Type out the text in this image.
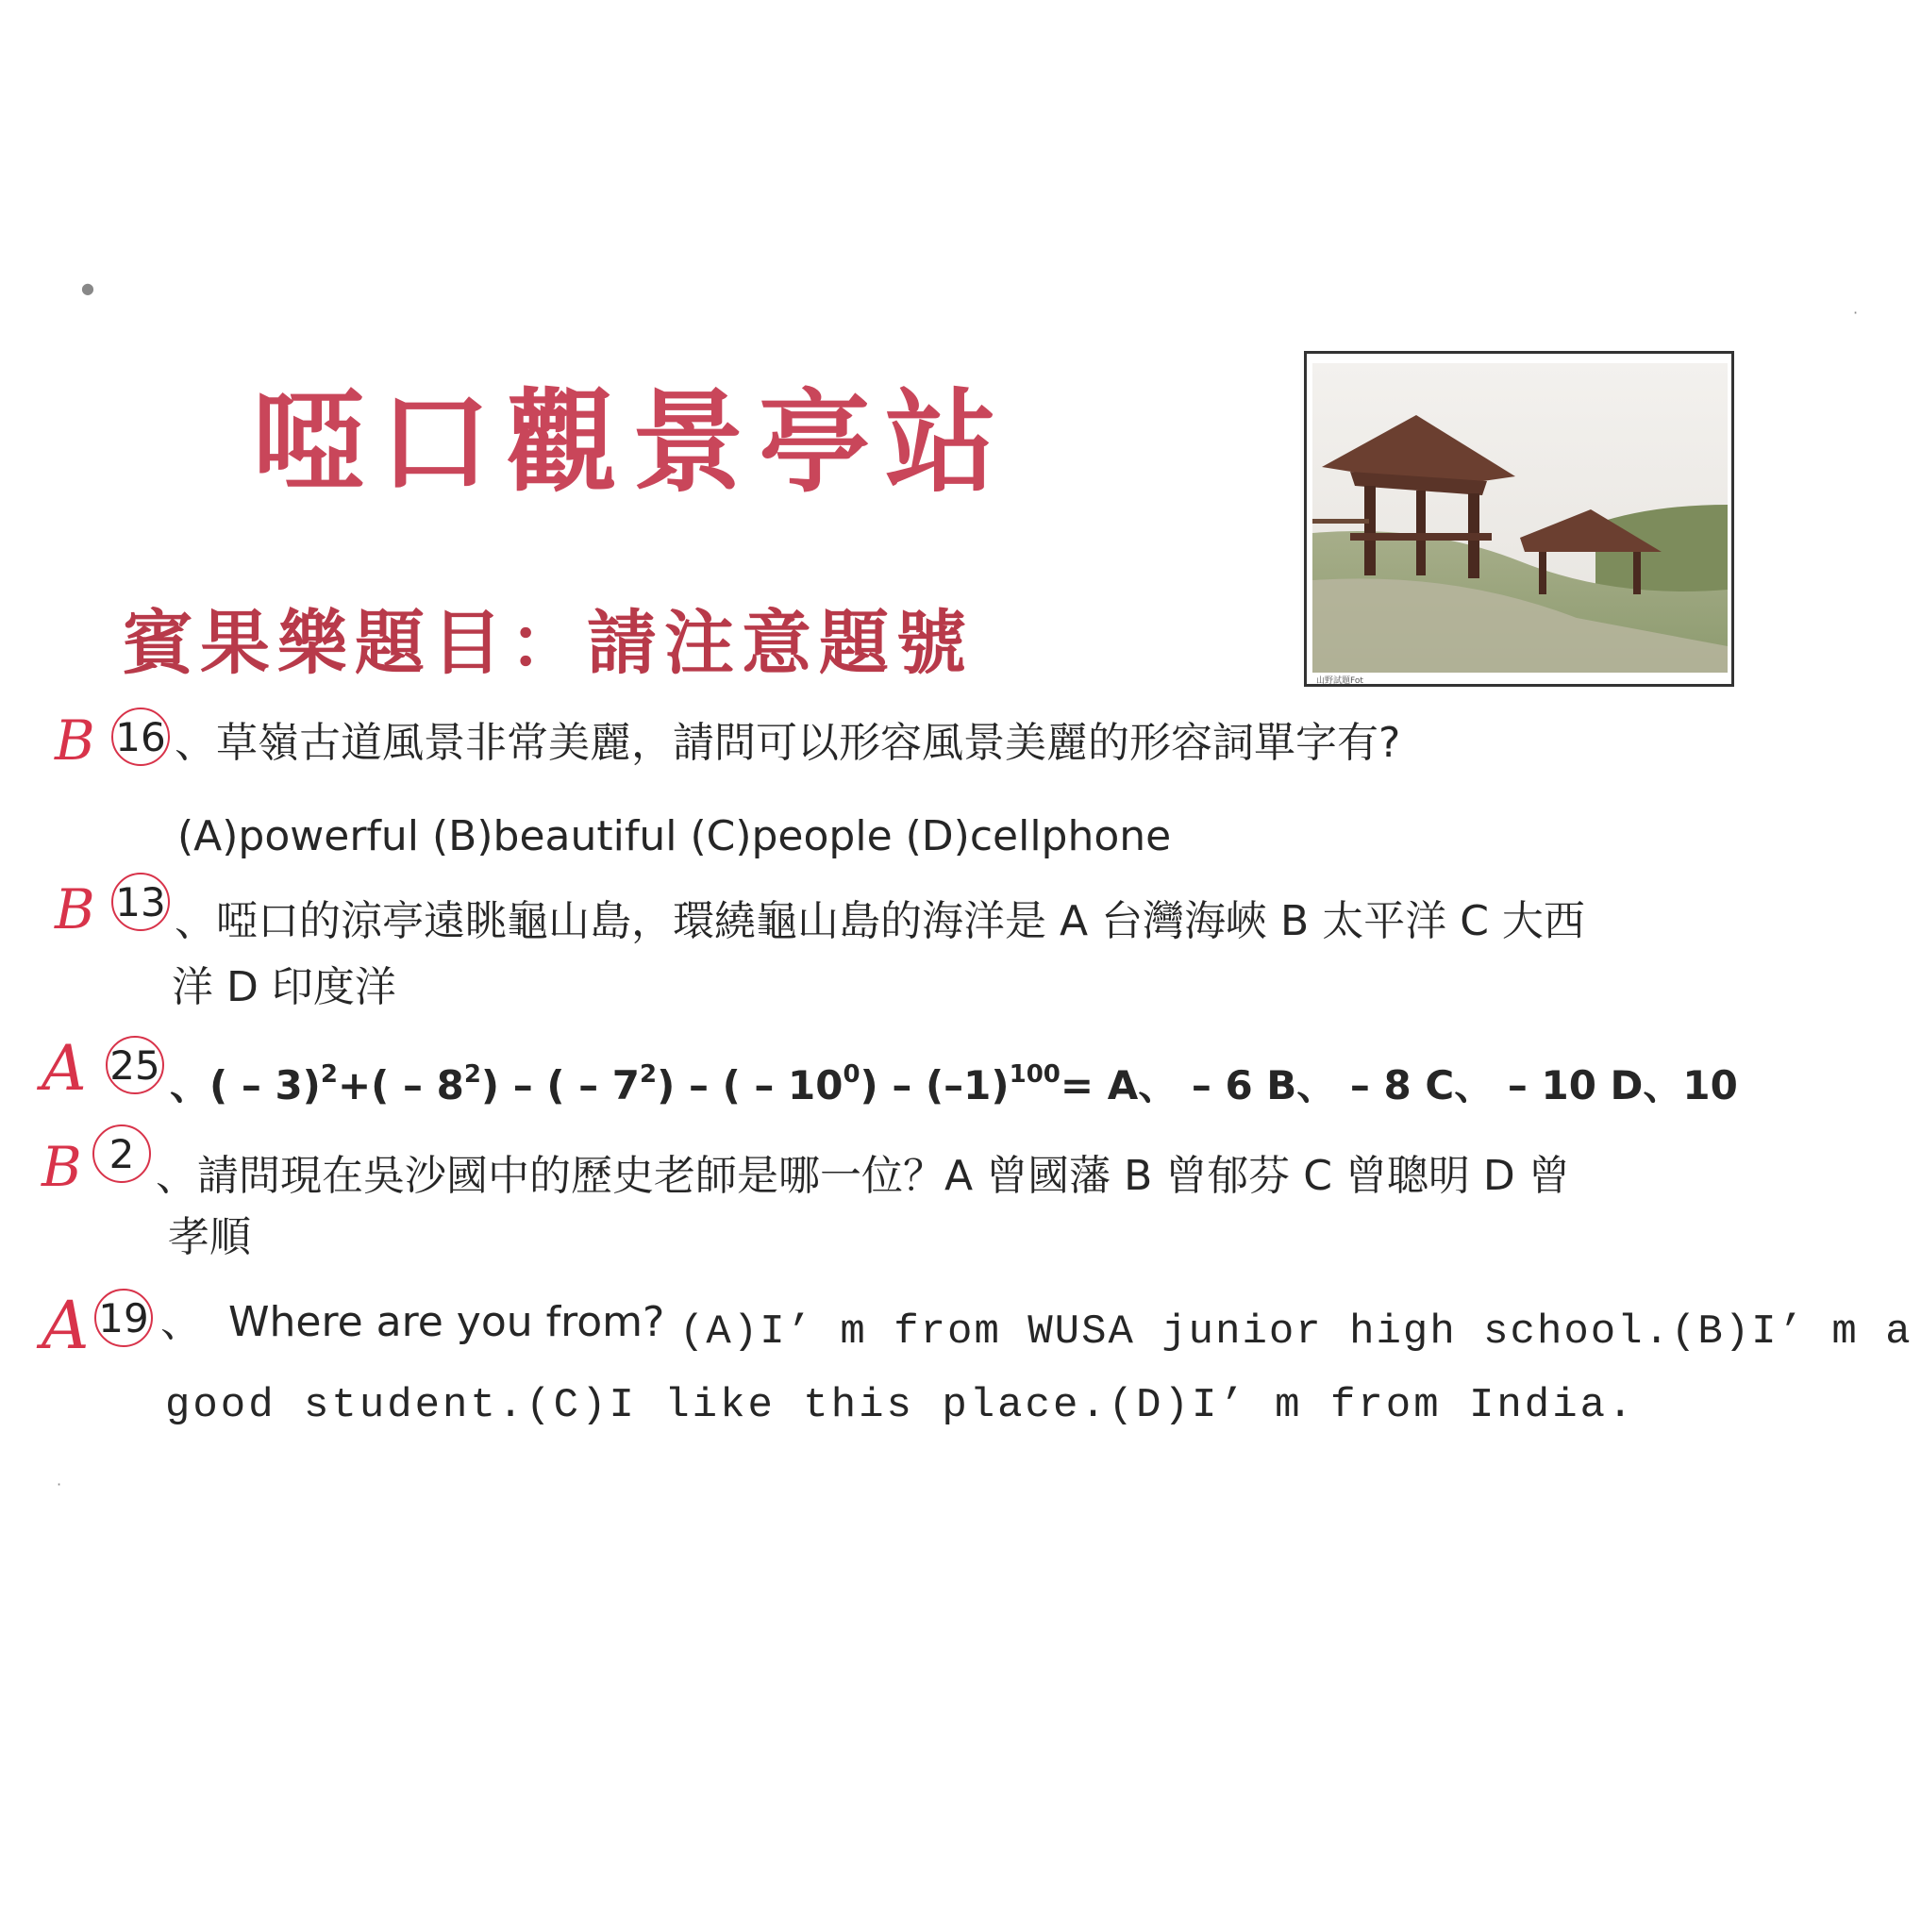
●
·
·
啞口觀景亭站
賓果樂題目：請注意題號	山野試題Fot
B 16 、草嶺古道風景非常美麗，請問可以形容風景美麗的形容詞單字有?
(A)powerful (B)beautiful (C)people (D)cellphone
B 13 、啞口的涼亭遠眺龜山島，環繞龜山島的海洋是 A 台灣海峽 B 太平洋 C 大西
洋 D 印度洋
A 25 、( – $3)^2+( - 8^2)$ – ( – $7^2$) – ( – $10^0) - (-1)^{100}= A$、 – 6 B、 – 8 C、 – 10 D、10
B 2 、請問現在吳沙國中的歷史老師是哪一位？A 曾國藩 B 曾郁芬 C 曾聰明 D 曾
孝順
A 19 、 Where are you from? (A)I’ m from WUSA junior high school.(B)I’ m a
good student.(C)I like this place.(D)I’ m from India.
